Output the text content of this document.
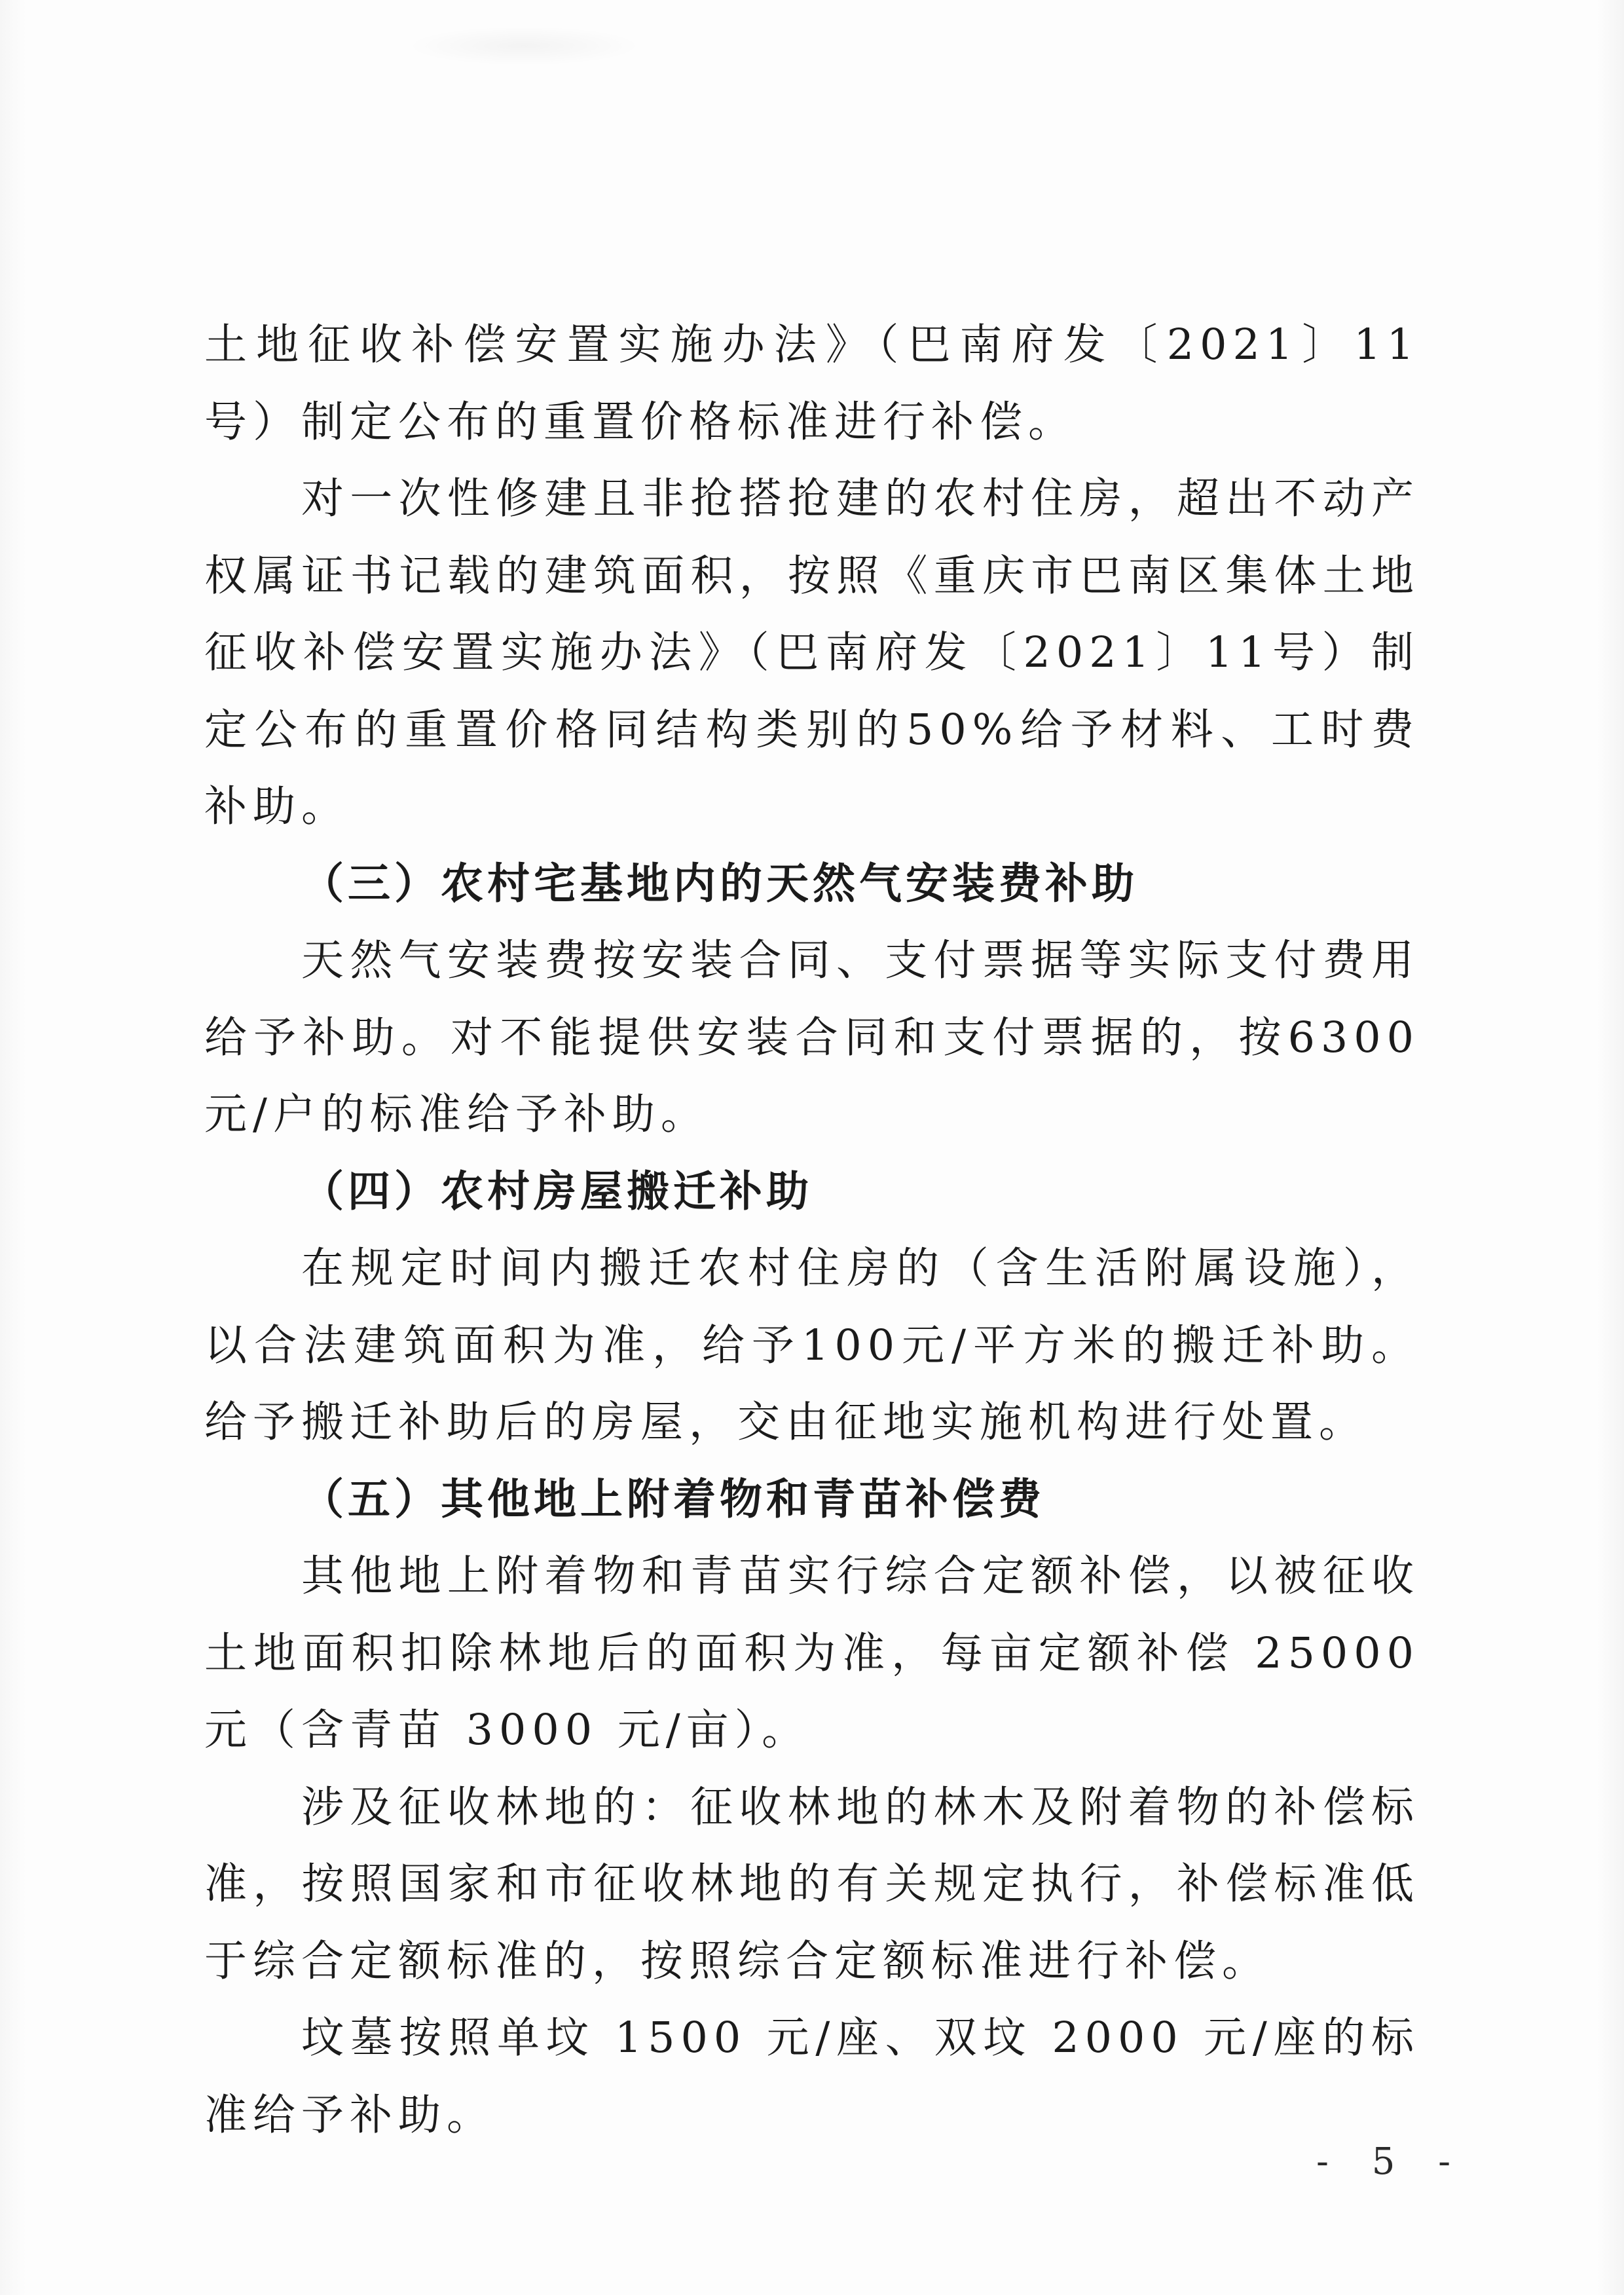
土地征收补偿安置实施办法》（巴南府发〔2021〕11号）制定公布的重置价格标准进行补偿。

对一次性修建且非抢搭抢建的农村住房，超出不动产权属证书记载的建筑面积，按照《重庆市巴南区集体土地征收补偿安置实施办法》（巴南府发〔2021〕11号）制定公布的重置价格同结构类别的50%给予材料、工时费补助。

（三）农村宅基地内的天然气安装费补助

天然气安装费按安装合同、支付票据等实际支付费用给予补助。对不能提供安装合同和支付票据的，按6300元/户的标准给予补助。

（四）农村房屋搬迁补助

在规定时间内搬迁农村住房的（含生活附属设施），以合法建筑面积为准，给予100元/平方米的搬迁补助。给予搬迁补助后的房屋，交由征地实施机构进行处置。

（五）其他地上附着物和青苗补偿费

其他地上附着物和青苗实行综合定额补偿，以被征收土地面积扣除林地后的面积为准，每亩定额补偿 25000 元（含青苗 3000 元/亩）。

涉及征收林地的：征收林地的林木及附着物的补偿标准，按照国家和市征收林地的有关规定执行，补偿标准低于综合定额标准的，按照综合定额标准进行补偿。

坟墓按照单坟 1500 元/座、双坟 2000 元/座的标准给予补助。

- 5 -
